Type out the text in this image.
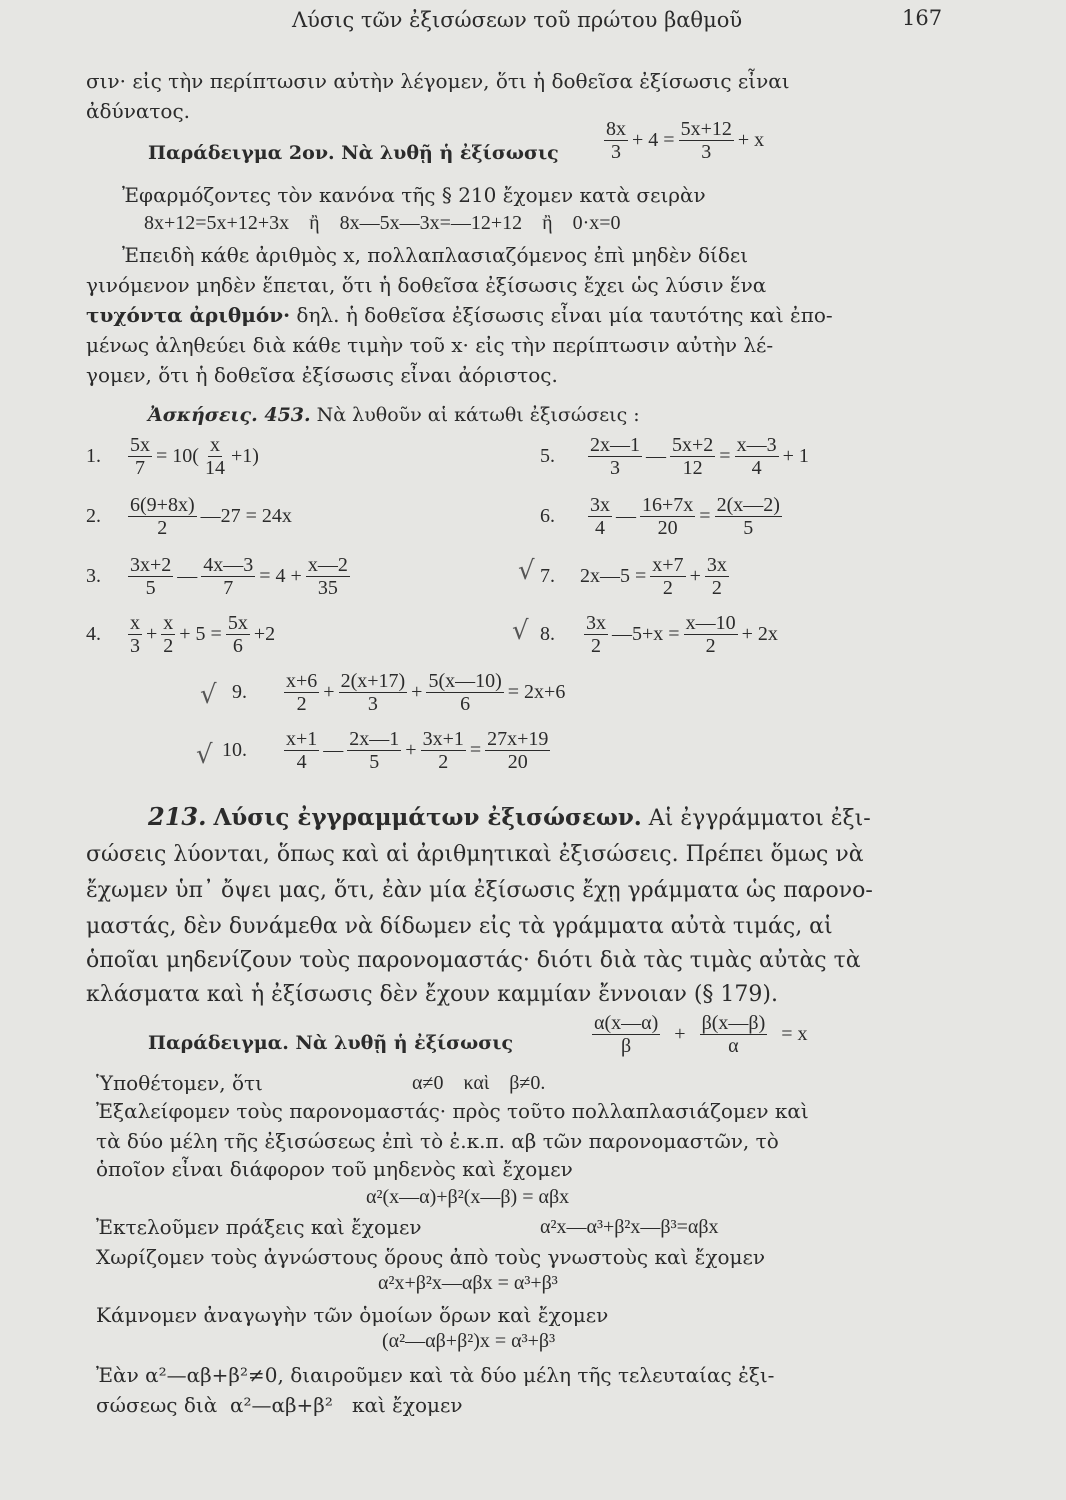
Λύσις τῶν ἐξισώσεων τοῦ πρώτου βαθμοῦ	167
σιν· εἰς τὴν περίπτωσιν αὐτὴν λέγομεν, ὅτι ἡ δοθεῖσα ἐξίσωσις εἶναι
ἀδύνατος.
Παράδειγμα 2ον. Νὰ λυθῇ ἡ ἐξίσωσις $\frac{8x}{3} + 4 = \frac{5x+12}{3} + x$
Ἐφαρμόζοντες τὸν κανόνα τῆς § 210 ἔχομεν κατὰ σειρὰν
8x+12=5x+12+3x    ἢ    8x—5x—3x=—12+12    ἢ    0·x=0
Ἐπειδὴ κάθε ἀριθμὸς x, πολλαπλασιαζόμενος ἐπὶ μηδὲν δίδει
γινόμενον μηδὲν ἕπεται, ὅτι ἡ δοθεῖσα ἐξίσωσις ἔχει ὡς λύσιν ἕνα
τυχόντα ἀριθμόν· δηλ. ἡ δοθεῖσα ἐξίσωσις εἶναι μία ταυτότης καὶ ἐπο-
μένως ἀληθεύει διὰ κάθε τιμὴν τοῦ x· εἰς τὴν περίπτωσιν αὐτὴν λέ-
γομεν, ὅτι ἡ δοθεῖσα ἐξίσωσις εἶναι ἀόριστος.
Ἀσκήσεις. 453. Νὰ λυθοῦν αἱ κάτωθι ἐξισώσεις :
1.	$\frac{5x}{7} = 10( \frac{x}{14} +1)$	5.	$\frac{2x—1}{3}$ — $\frac{5x+2}{12} = \frac{x—3}{4} + 1$
2.	$\frac{6(9+8x)}{2}$ —27 = 24x	6.	$\frac{3x}{4}$ — $\frac{16+7x}{20} = \frac{2(x—2)}{5}$
3.	$\frac{3x+2}{5}$ — $\frac{4x—3}{7} = 4 + \frac{x—2}{35}$	√ 7.	2x—5 = $\frac{x+7}{2} + \frac{3x}{2}$
4.	$\frac{x}{3} + \frac{x}{2} + 5 = \frac{5x}{6} +2$	√ 8.	$\frac{3x}{2}$ —5+x = $\frac{x—10}{2} + 2x$
√ 9.	$\frac{x+6}{2} + \frac{2(x+17)}{3} + \frac{5(x—10)}{6} = 2x+6$
√ 10.	$\frac{x+1}{4}$ — $\frac{2x—1}{5} + \frac{3x+1}{2} = \frac{27x+19}{20}$
213. Λύσις ἐγγραμμάτων ἐξισώσεων. Αἱ ἐγγράμματοι ἐξι-
σώσεις λύονται, ὅπως καὶ αἱ ἀριθμητικαὶ ἐξισώσεις. Πρέπει ὅμως νὰ
ἔχωμεν ὑπ᾿ ὄψει μας, ὅτι, ἐὰν μία ἐξίσωσις ἔχῃ γράμματα ὡς παρονο-
μαστάς, δὲν δυνάμεθα νὰ δίδωμεν εἰς τὰ γράμματα αὐτὰ τιμάς, αἱ
ὁποῖαι μηδενίζουν τοὺς παρονομαστάς· διότι διὰ τὰς τιμὰς αὐτὰς τὰ
κλάσματα καὶ ἡ ἐξίσωσις δὲν ἔχουν καμμίαν ἔννοιαν (§ 179).
Παράδειγμα. Νὰ λυθῇ ἡ ἐξίσωσις	$\frac{\alpha(x—\alpha)}{\beta} + \frac{\beta(x—\beta)}{\alpha} = x$
Ὑποθέτομεν, ὅτι	α≠0    καὶ    β≠0.
Ἐξαλείφομεν τοὺς παρονομαστάς· πρὸς τοῦτο πολλαπλασιάζομεν καὶ
τὰ δύο μέλη τῆς ἐξισώσεως ἐπὶ τὸ ἐ.κ.π. αβ τῶν παρονομαστῶν, τὸ
ὁποῖον εἶναι διάφορον τοῦ μηδενὸς καὶ ἔχομεν
α²(x—α)+β²(x—β) = αβx
Ἐκτελοῦμεν πράξεις καὶ ἔχομεν	α²x—α³+β²x—β³=αβx
Χωρίζομεν τοὺς ἀγνώστους ὅρους ἀπὸ τοὺς γνωστοὺς καὶ ἔχομεν
α²x+β²x—αβx = α³+β³
Κάμνομεν ἀναγωγὴν τῶν ὁμοίων ὅρων καὶ ἔχομεν
(α²—αβ+β²)x = α³+β³
Ἐὰν α²—αβ+β²≠0, διαιροῦμεν καὶ τὰ δύο μέλη τῆς τελευταίας ἐξι-
σώσεως διὰ  α²—αβ+β²   καὶ ἔχομεν
